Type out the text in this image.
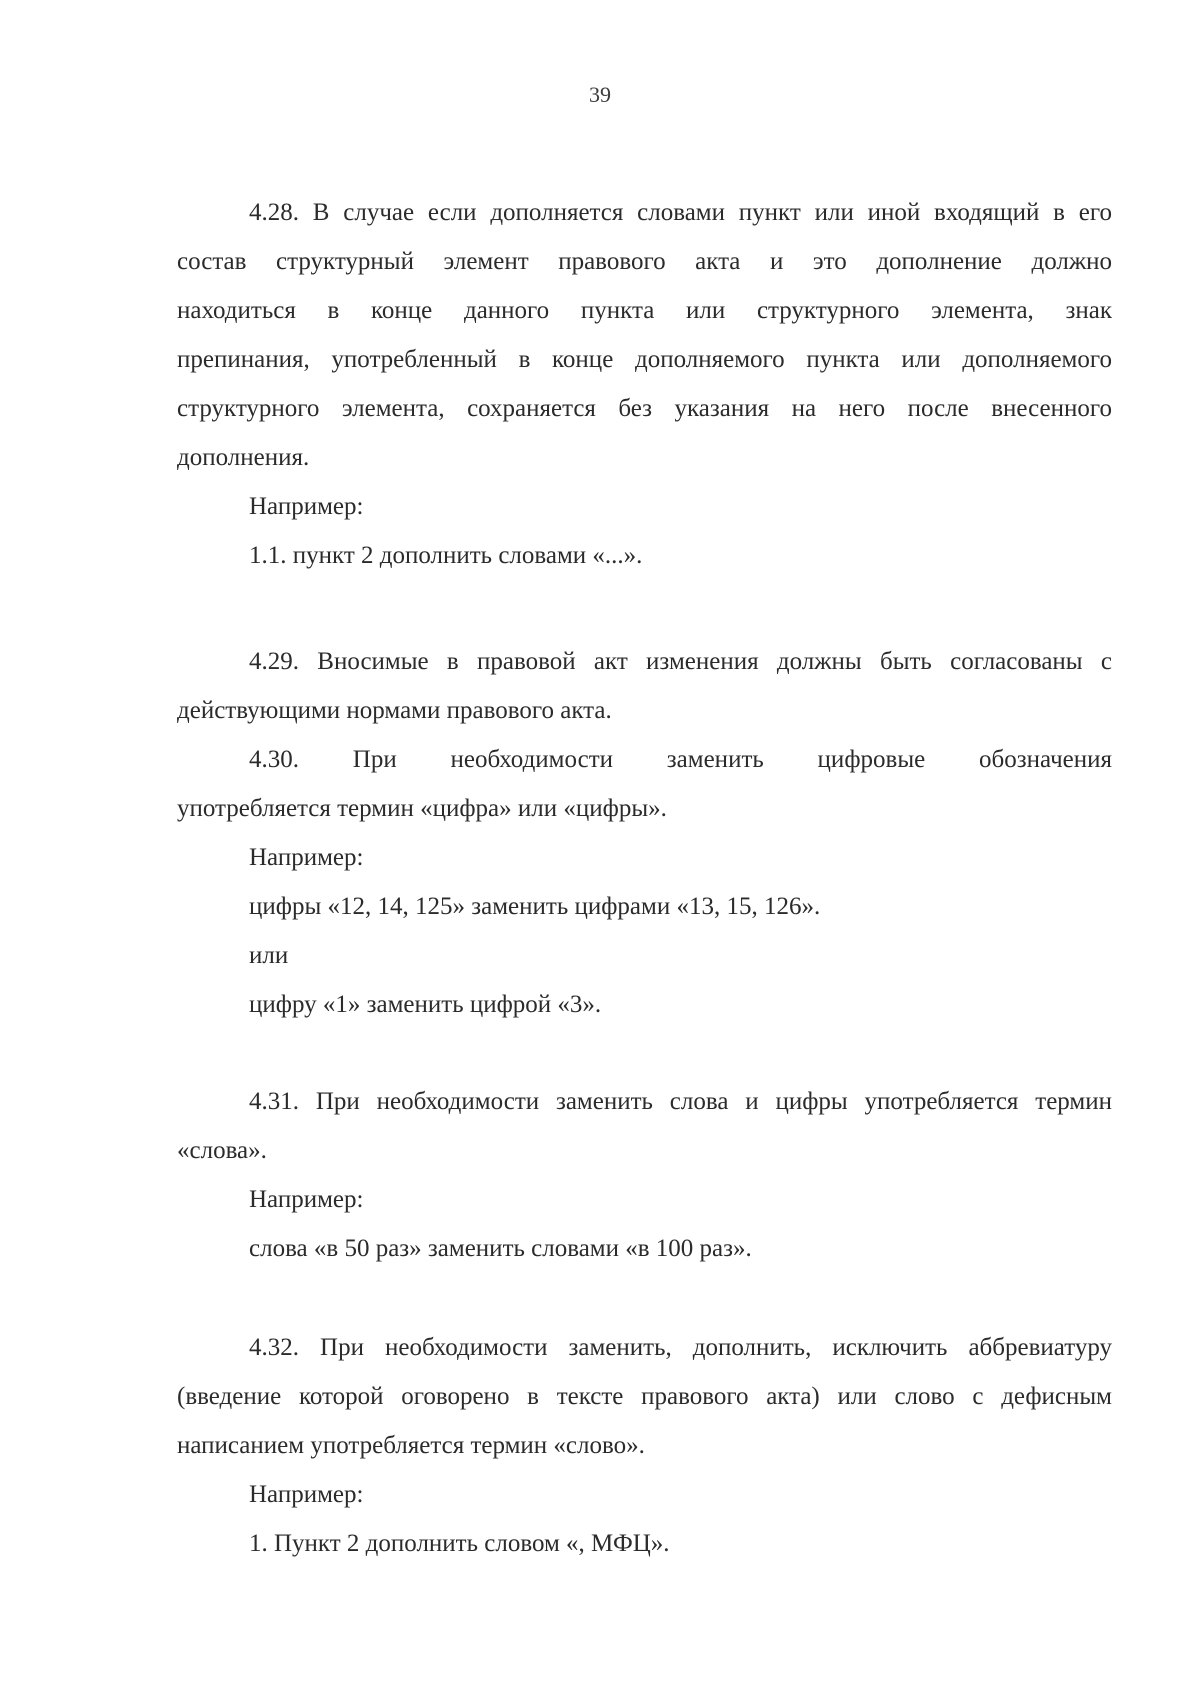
39
4.28. В случае если дополняется словами пункт или иной входящий в его
состав структурный элемент правового акта и это дополнение должно
находиться в конце данного пункта или структурного элемента, знак
препинания, употребленный в конце дополняемого пункта или дополняемого
структурного элемента, сохраняется без указания на него после внесенного
дополнения.
Например:
1.1. пункт 2 дополнить словами «...».
4.29. Вносимые в правовой акт изменения должны быть согласованы с
действующими нормами правового акта.
4.30. При необходимости заменить цифровые обозначения
употребляется термин «цифра» или «цифры».
Например:
цифры «12, 14, 125» заменить цифрами «13, 15, 126».
или
цифру «1» заменить цифрой «3».
4.31. При необходимости заменить слова и цифры употребляется термин
«слова».
Например:
слова «в 50 раз» заменить словами «в 100 раз».
4.32. При необходимости заменить, дополнить, исключить аббревиатуру
(введение которой оговорено в тексте правового акта) или слово с дефисным
написанием употребляется термин «слово».
Например:
1. Пункт 2 дополнить словом «, МФЦ».
